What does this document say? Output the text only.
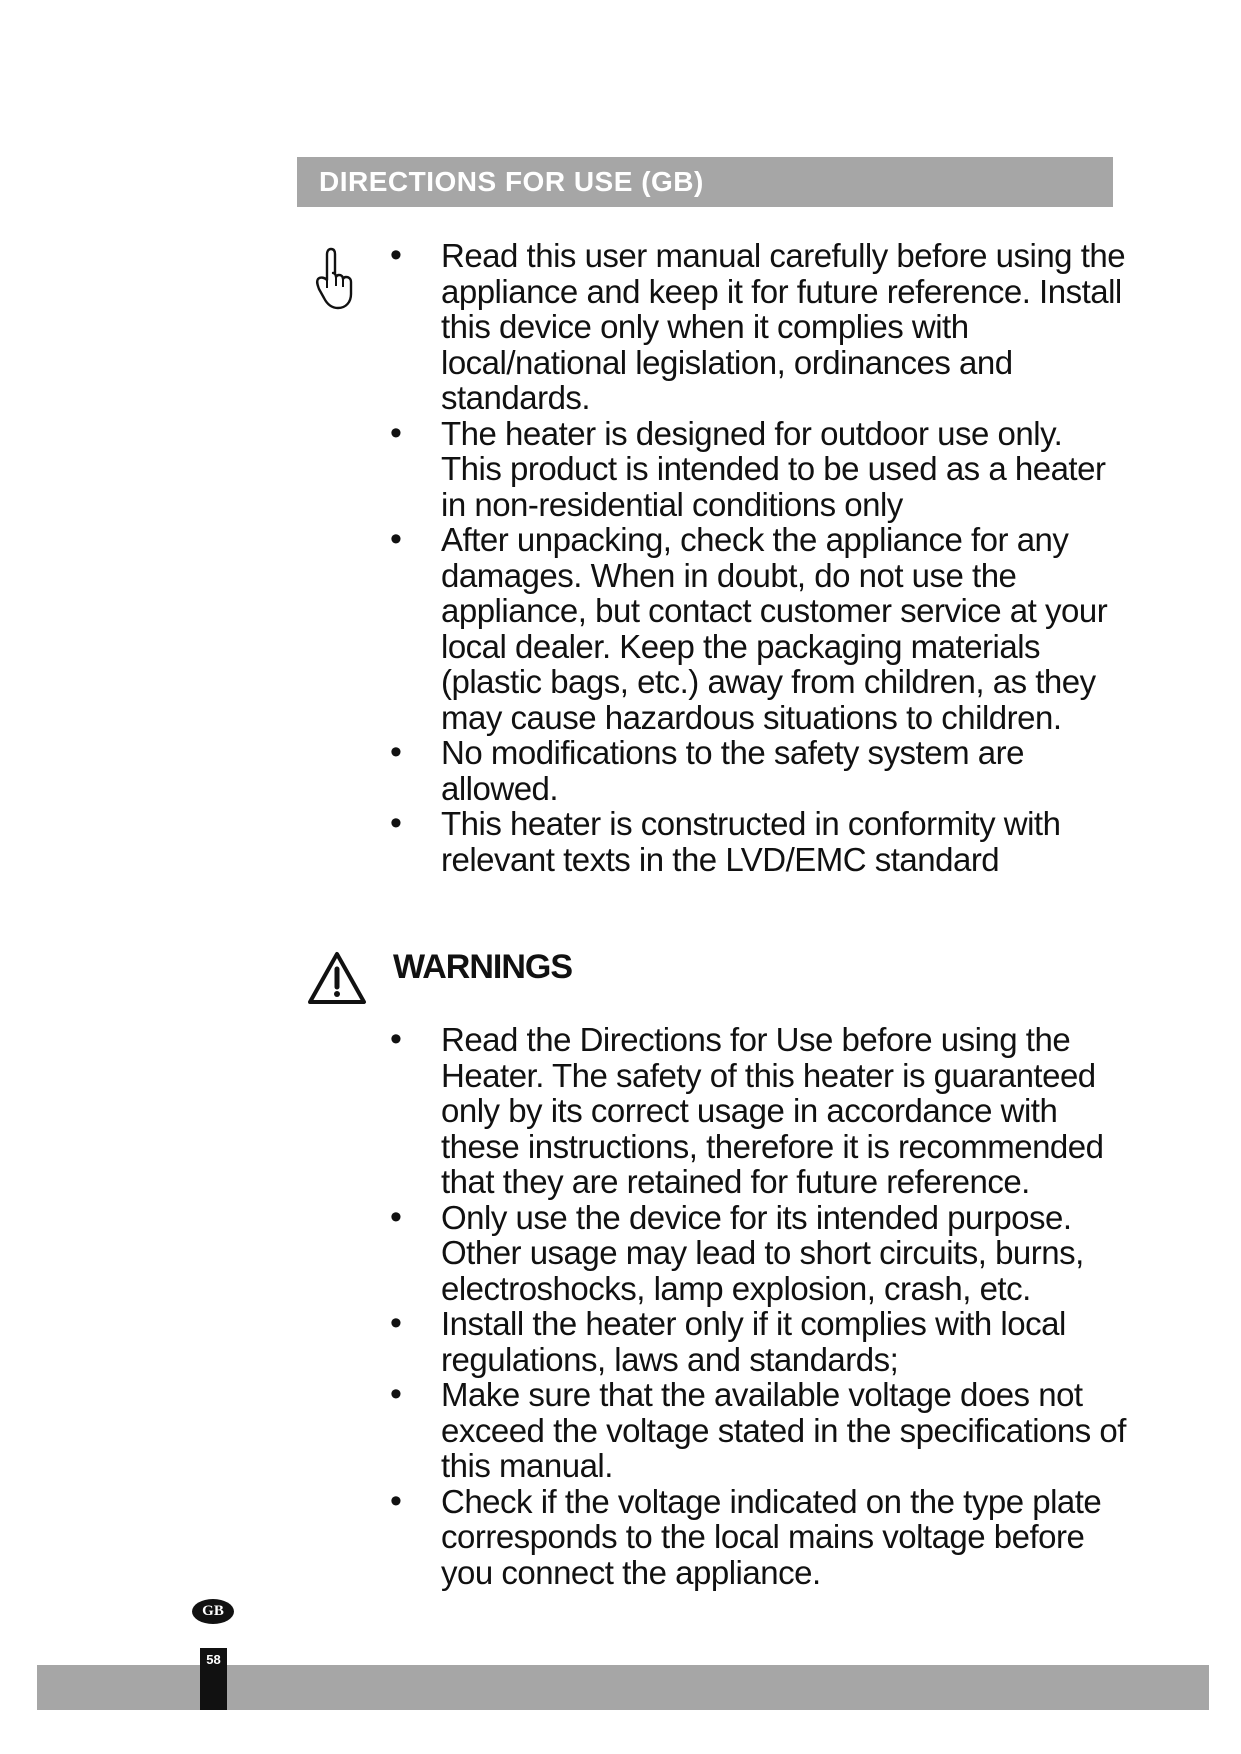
DIRECTIONS FOR USE (GB)
• Read this user manual carefully before using the appliance and keep it for future reference. Install this device only when it complies with local/national legislation, ordinances and standards.
• The heater is designed for outdoor use only. This product is intended to be used as a heater in non-residential conditions only
• After unpacking, check the appliance for any damages. When in doubt, do not use the appliance, but contact customer service at your local dealer. Keep the packaging materials (plastic bags, etc.) away from children, as they may cause hazardous situations to children.
• No modifications to the safety system are allowed.
• This heater is constructed in conformity with relevant texts in the LVD/EMC standard
WARNINGS
• Read the Directions for Use before using the Heater. The safety of this heater is guaranteed only by its correct usage in accordance with these instructions, therefore it is recommended that they are retained for future reference.
• Only use the device for its intended purpose. Other usage may lead to short circuits, burns, electroshocks, lamp explosion, crash, etc.
• Install the heater only if it complies with local regulations, laws and standards;
• Make sure that the available voltage does not exceed the voltage stated in the specifications of this manual.
• Check if the voltage indicated on the type plate corresponds to the local mains voltage before you connect the appliance.
GB
58
